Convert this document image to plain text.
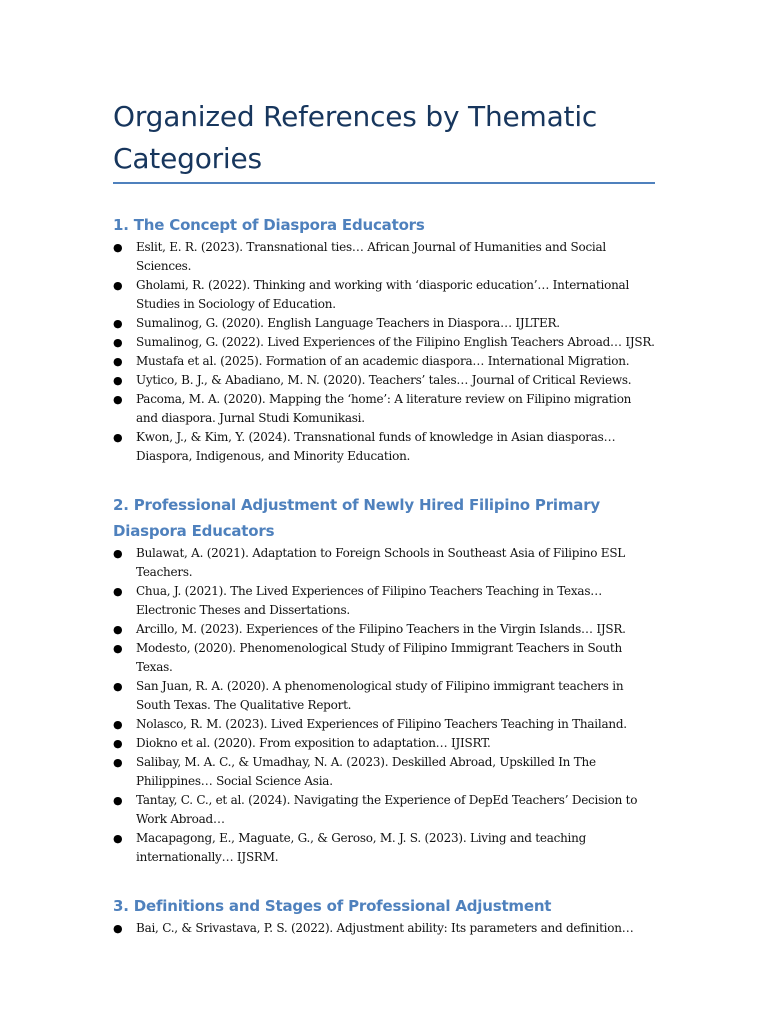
Organized References by Thematic Categories
1. The Concept of Diaspora Educators
● Eslit, E. R. (2023). Transnational ties… African Journal of Humanities and Social Sciences.
● Gholami, R. (2022). Thinking and working with ‘diasporic education’… International Studies in Sociology of Education.
● Sumalinog, G. (2020). English Language Teachers in Diaspora… IJLTER.
● Sumalinog, G. (2022). Lived Experiences of the Filipino English Teachers Abroad… IJSR.
● Mustafa et al. (2025). Formation of an academic diaspora… International Migration.
● Uytico, B. J., & Abadiano, M. N. (2020). Teachers’ tales… Journal of Critical Reviews.
● Pacoma, M. A. (2020). Mapping the ‘home’: A literature review on Filipino migration and diaspora. Jurnal Studi Komunikasi.
● Kwon, J., & Kim, Y. (2024). Transnational funds of knowledge in Asian diasporas… Diaspora, Indigenous, and Minority Education.
2. Professional Adjustment of Newly Hired Filipino Primary Diaspora Educators
● Bulawat, A. (2021). Adaptation to Foreign Schools in Southeast Asia of Filipino ESL Teachers.
● Chua, J. (2021). The Lived Experiences of Filipino Teachers Teaching in Texas… Electronic Theses and Dissertations.
● Arcillo, M. (2023). Experiences of the Filipino Teachers in the Virgin Islands… IJSR.
● Modesto, (2020). Phenomenological Study of Filipino Immigrant Teachers in South Texas.
● San Juan, R. A. (2020). A phenomenological study of Filipino immigrant teachers in South Texas. The Qualitative Report.
● Nolasco, R. M. (2023). Lived Experiences of Filipino Teachers Teaching in Thailand.
● Diokno et al. (2020). From exposition to adaptation… IJISRT.
● Salibay, M. A. C., & Umadhay, N. A. (2023). Deskilled Abroad, Upskilled In The Philippines… Social Science Asia.
● Tantay, C. C., et al. (2024). Navigating the Experience of DepEd Teachers’ Decision to Work Abroad…
● Macapagong, E., Maguate, G., & Geroso, M. J. S. (2023). Living and teaching internationally… IJSRM.
3. Definitions and Stages of Professional Adjustment
● Bai, C., & Srivastava, P. S. (2022). Adjustment ability: Its parameters and definition…
